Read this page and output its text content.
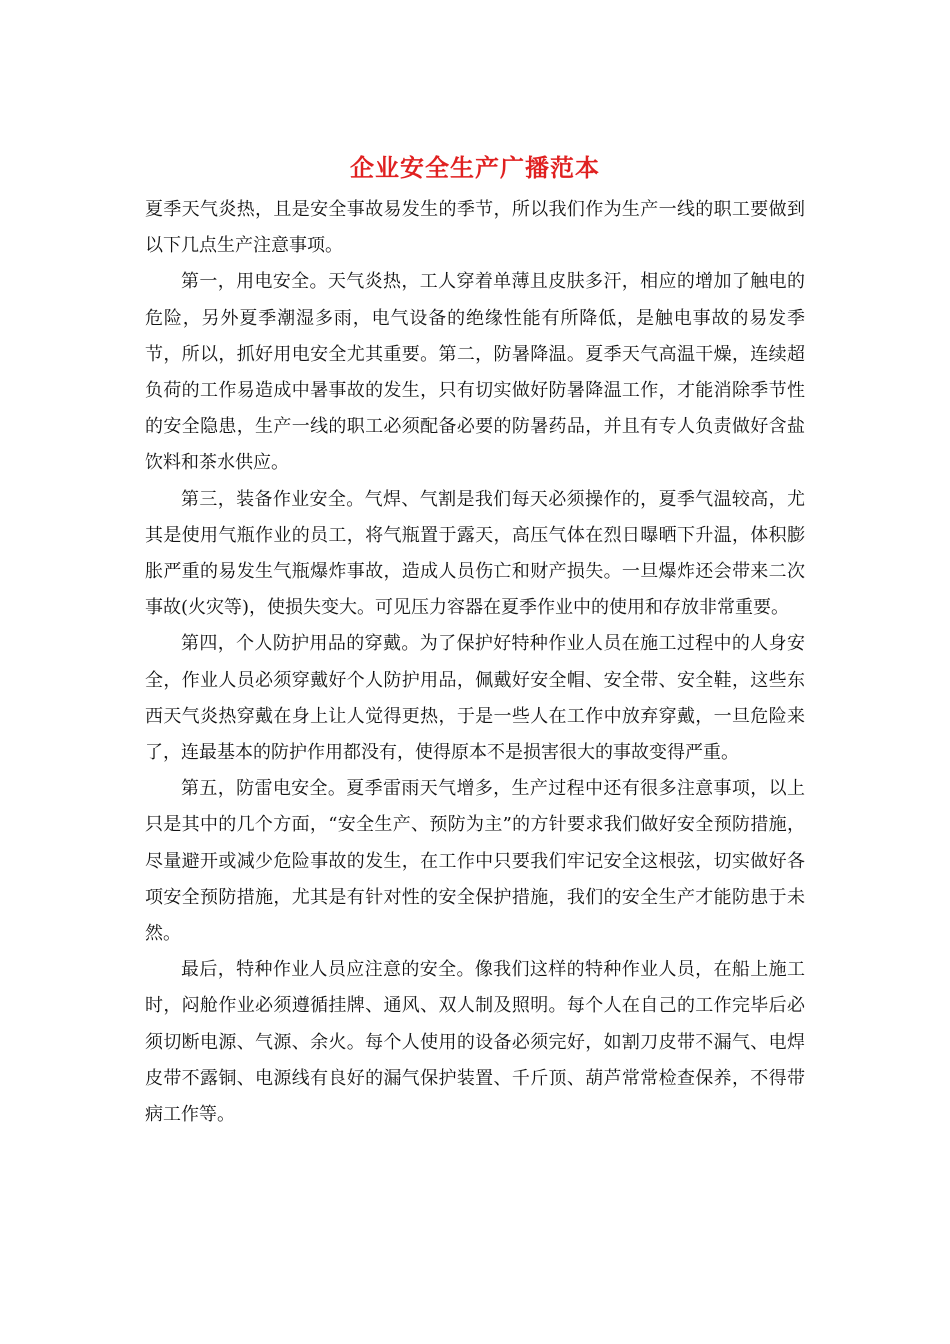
企业安全生产广播范本

夏季天气炎热，且是安全事故易发生的季节，所以我们作为生产一线的职工要做到以下几点生产注意事项。

第一，用电安全。天气炎热，工人穿着单薄且皮肤多汗，相应的增加了触电的危险，另外夏季潮湿多雨，电气设备的绝缘性能有所降低，是触电事故的易发季节，所以，抓好用电安全尤其重要。第二，防暑降温。夏季天气高温干燥，连续超负荷的工作易造成中暑事故的发生，只有切实做好防暑降温工作，才能消除季节性的安全隐患，生产一线的职工必须配备必要的防暑药品，并且有专人负责做好含盐饮料和茶水供应。

第三，装备作业安全。气焊、气割是我们每天必须操作的，夏季气温较高，尤其是使用气瓶作业的员工，将气瓶置于露天，高压气体在烈日曝晒下升温，体积膨胀严重的易发生气瓶爆炸事故，造成人员伤亡和财产损失。一旦爆炸还会带来二次事故(火灾等)，使损失变大。可见压力容器在夏季作业中的使用和存放非常重要。

第四，个人防护用品的穿戴。为了保护好特种作业人员在施工过程中的人身安全，作业人员必须穿戴好个人防护用品，佩戴好安全帽、安全带、安全鞋，这些东西天气炎热穿戴在身上让人觉得更热，于是一些人在工作中放弃穿戴，一旦危险来了，连最基本的防护作用都没有，使得原本不是损害很大的事故变得严重。

第五，防雷电安全。夏季雷雨天气增多，生产过程中还有很多注意事项，以上只是其中的几个方面，“安全生产、预防为主”的方针要求我们做好安全预防措施，尽量避开或减少危险事故的发生，在工作中只要我们牢记安全这根弦，切实做好各项安全预防措施，尤其是有针对性的安全保护措施，我们的安全生产才能防患于未然。

最后，特种作业人员应注意的安全。像我们这样的特种作业人员，在船上施工时，闷舱作业必须遵循挂牌、通风、双人制及照明。每个人在自己的工作完毕后必须切断电源、气源、余火。每个人使用的设备必须完好，如割刀皮带不漏气、电焊皮带不露铜、电源线有良好的漏气保护装置、千斤顶、葫芦常常检查保养，不得带病工作等。
